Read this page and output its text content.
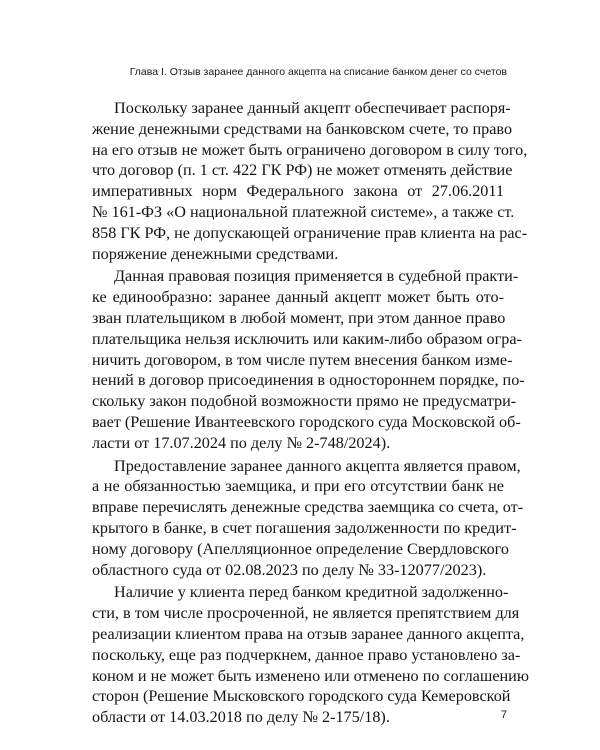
Глава I. Отзыв заранее данного акцепта на списание банком денег со счетов

Поскольку заранее данный акцепт обеспечивает распоря-
жение денежными средствами на банковском счете, то право
на его отзыв не может быть ограничено договором в силу того,
что договор (п. 1 ст. 422 ГК РФ) не может отменять действие
императивных норм Федерального закона от 27.06.2011
№ 161-ФЗ «О национальной платежной системе», а также ст.
858 ГК РФ, не допускающей ограничение прав клиента на рас-
поряжение денежными средствами.

Данная правовая позиция применяется в судебной практи-
ке единообразно: заранее данный акцепт может быть ото-
зван плательщиком в любой момент, при этом данное право
плательщика нельзя исключить или каким-либо образом огра-
ничить договором, в том числе путем внесения банком изме-
нений в договор присоединения в одностороннем порядке, по-
скольку закон подобной возможности прямо не предусматри-
вает (Решение Ивантеевского городского суда Московской об-
ласти от 17.07.2024 по делу № 2-748/2024).

Предоставление заранее данного акцепта является правом,
а не обязанностью заемщика, и при его отсутствии банк не
вправе перечислять денежные средства заемщика со счета, от-
крытого в банке, в счет погашения задолженности по кредит-
ному договору (Апелляционное определение Свердловского
областного суда от 02.08.2023 по делу № 33-12077/2023).

Наличие у клиента перед банком кредитной задолженно-
сти, в том числе просроченной, не является препятствием для
реализации клиентом права на отзыв заранее данного акцепта,
поскольку, еще раз подчеркнем, данное право установлено за-
коном и не может быть изменено или отменено по соглашению
сторон (Решение Мысковского городского суда Кемеровской
области от 14.03.2018 по делу № 2-175/18).	7
